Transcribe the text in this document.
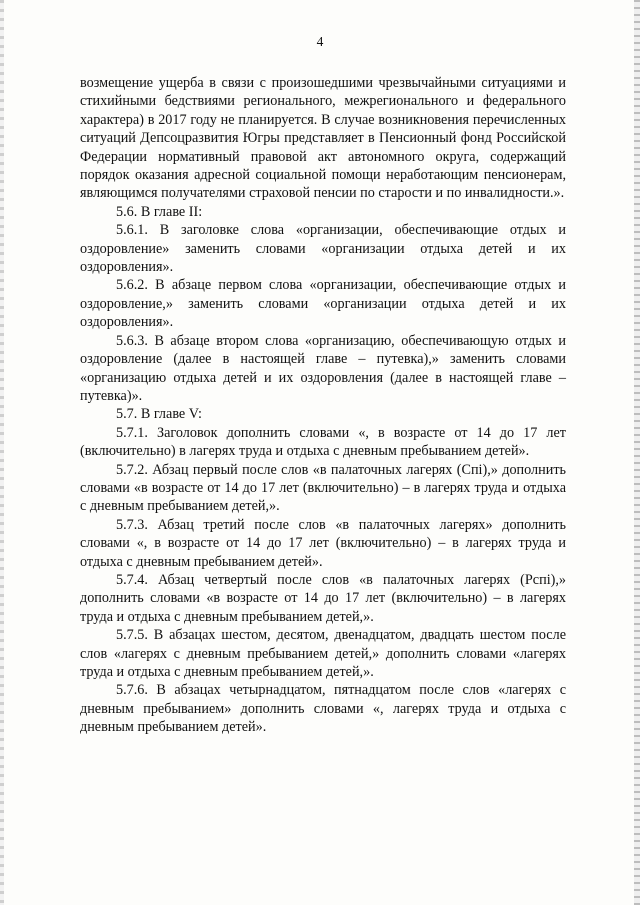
4

возмещение ущерба в связи с произошедшими чрезвычайными ситуациями и стихийными бедствиями регионального, межрегионального и федерального характера) в 2017 году не планируется. В случае возникновения перечисленных ситуаций Депсоцразвития Югры представляет в Пенсионный фонд Российской Федерации нормативный правовой акт автономного округа, содержащий порядок оказания адресной социальной помощи неработающим пенсионерам, являющимся получателями страховой пенсии по старости и по инвалидности.».

5.6. В главе II:

5.6.1. В заголовке слова «организации, обеспечивающие отдых и оздоровление» заменить словами «организации отдыха детей и их оздоровления».

5.6.2. В абзаце первом слова «организации, обеспечивающие отдых и оздоровление,» заменить словами «организации отдыха детей и их оздоровления».

5.6.3. В абзаце втором слова «организацию, обеспечивающую отдых и оздоровление (далее в настоящей главе – путевка),» заменить словами «организацию отдыха детей и их оздоровления (далее в настоящей главе – путевка)».

5.7. В главе V:

5.7.1. Заголовок дополнить словами «, в возрасте от 14 до 17 лет (включительно) в лагерях труда и отдыха с дневным пребыванием детей».

5.7.2. Абзац первый после слов «в палаточных лагерях (Спi),» дополнить словами «в возрасте от 14 до 17 лет (включительно) – в лагерях труда и отдыха с дневным пребыванием детей,».

5.7.3. Абзац третий после слов «в палаточных лагерях» дополнить словами «, в возрасте от 14 до 17 лет (включительно) – в лагерях труда и отдыха с дневным пребыванием детей».

5.7.4. Абзац четвертый после слов «в палаточных лагерях (Рспi),» дополнить словами «в возрасте от 14 до 17 лет (включительно) – в лагерях труда и отдыха с дневным пребыванием детей,».

5.7.5. В абзацах шестом, десятом, двенадцатом, двадцать шестом после слов «лагерях с дневным пребыванием детей,» дополнить словами «лагерях труда и отдыха с дневным пребыванием детей,».

5.7.6. В абзацах четырнадцатом, пятнадцатом после слов «лагерях с дневным пребыванием» дополнить словами «, лагерях труда и отдыха с дневным пребыванием детей».
